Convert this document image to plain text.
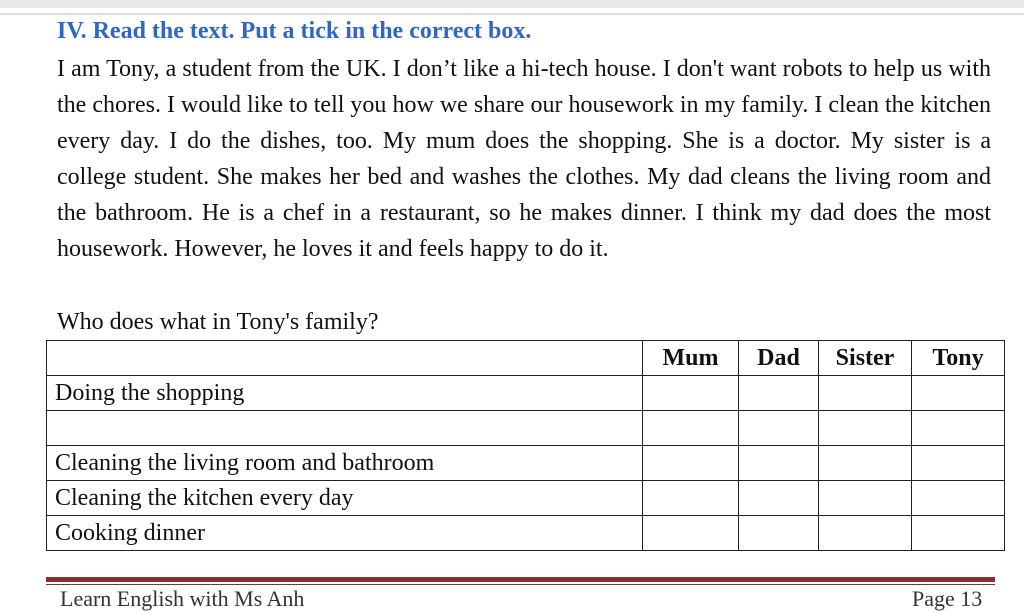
IV. Read the text. Put a tick in the correct box.
I am Tony, a student from the UK. I don’t like a hi-tech house. I don't want robots to help us with the chores. I would like to tell you how we share our housework in my family. I clean the kitchen every day. I do the dishes, too. My mum does the shopping. She is a doctor. My sister is a college student. She makes her bed and washes the clothes. My dad cleans the living room and the bathroom. He is a chef in a restaurant, so he makes dinner. I think my dad does the most housework. However, he loves it and feels happy to do it.
Who does what in Tony's family?
	Mum	Dad	Sister	Tony
Doing the shopping				

Cleaning the living room and bathroom				
Cleaning the kitchen every day				
Cooking dinner				
Learn English with Ms Anh	Page 13
